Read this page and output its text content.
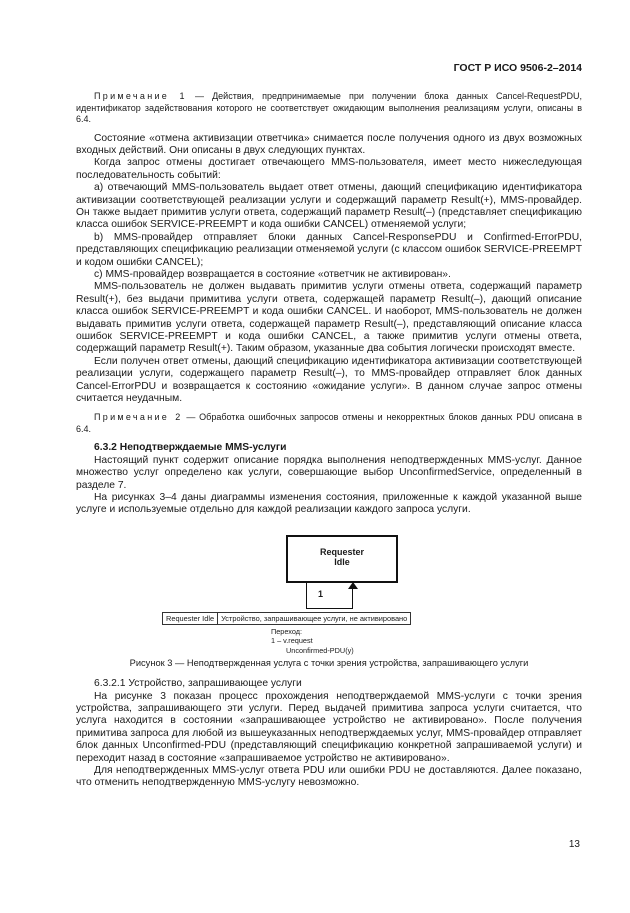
ГОСТ Р ИСО 9506-2–2014

Примечание 1 — Действия, предпринимаемые при получении блока данных Cancel-RequestPDU, идентификатор задействования которого не соответствует ожидающим выполнения реализациям услуги, описаны в 6.4.

Состояние «отмена активизации ответчика» снимается после получения одного из двух возможных входных действий. Они описаны в двух следующих пунктах.

Когда запрос отмены достигает отвечающего MMS-пользователя, имеет место нижеследующая последовательность событий:

а) отвечающий MMS-пользователь выдает ответ отмены, дающий спецификацию идентификатора активизации соответствующей реализации услуги и содержащий параметр Result(+), MMS-провайдер. Он также выдает примитив услуги ответа, содержащий параметр Result(–) (представляет спецификацию класса ошибок SERVICE-PREEMPT и кода ошибки CANCEL) отменяемой услуги;

b) MMS-провайдер отправляет блоки данных Cancel-ResponsePDU и Confirmed-ErrorPDU, представляющих спецификацию реализации отменяемой услуги (с классом ошибок SERVICE-PREEMPT и кодом ошибки CANCEL);

c) MMS-провайдер возвращается в состояние «ответчик не активирован».

MMS-пользователь не должен выдавать примитив услуги отмены ответа, содержащий параметр Result(+), без выдачи примитива услуги ответа, содержащей параметр Result(–), дающий описание класса ошибок SERVICE-PREEMPT и кода ошибки CANCEL. И наоборот, MMS-пользователь не должен выдавать примитив услуги ответа, содержащей параметр Result(–), представляющий описание класса ошибок SERVICE-PREEMPT и кода ошибки CANCEL, а также примитив услуги отмены ответа, содержащий параметр Result(+). Таким образом, указанные два события логически происходят вместе.

Если получен ответ отмены, дающий спецификацию идентификатора активизации соответствующей реализации услуги, содержащего параметр Result(–), то MMS-провайдер отправляет блок данных Cancel-ErrorPDU и возвращается к состоянию «ожидание услуги». В данном случае запрос отмены считается неудачным.

Примечание 2 — Обработка ошибочных запросов отмены и некорректных блоков данных PDU описана в 6.4.

6.3.2 Неподтверждаемые MMS-услуги

Настоящий пункт содержит описание порядка выполнения неподтвержденных MMS-услуг. Данное множество услуг определено как услуги, совершающие выбор UnconfirmedService, определенный в разделе 7.

На рисунках 3–4 даны диаграммы изменения состояния, приложенные к каждой указанной выше услуге и используемые отдельно для каждой реализации каждого запроса услуги.

Requester
Idle
1
Requester Idle	Устройство, запрашивающее услуги, не активировано
Переход:
1 – v.request
Unconfirmed-PDU(y)
Рисунок 3 — Неподтвержденная услуга с точки зрения устройства, запрашивающего услуги

6.3.2.1 Устройство, запрашивающее услуги

На рисунке 3 показан процесс прохождения неподтверждаемой MMS-услуги с точки зрения устройства, запрашивающего эти услуги. Перед выдачей примитива запроса услуги считается, что услуга находится в состоянии «запрашивающее устройство не активировано». После получения примитива запроса для любой из вышеуказанных неподтверждаемых услуг, MMS-провайдер отправляет блок данных Unconfirmed-PDU (представляющий спецификацию конкретной запрашиваемой услуги) и переходит назад в состояние «запрашиваемое устройство не активировано».

Для неподтвержденных MMS-услуг ответа PDU или ошибки PDU не доставляются. Далее показано, что отменить неподтвержденную MMS-услугу невозможно.

13
